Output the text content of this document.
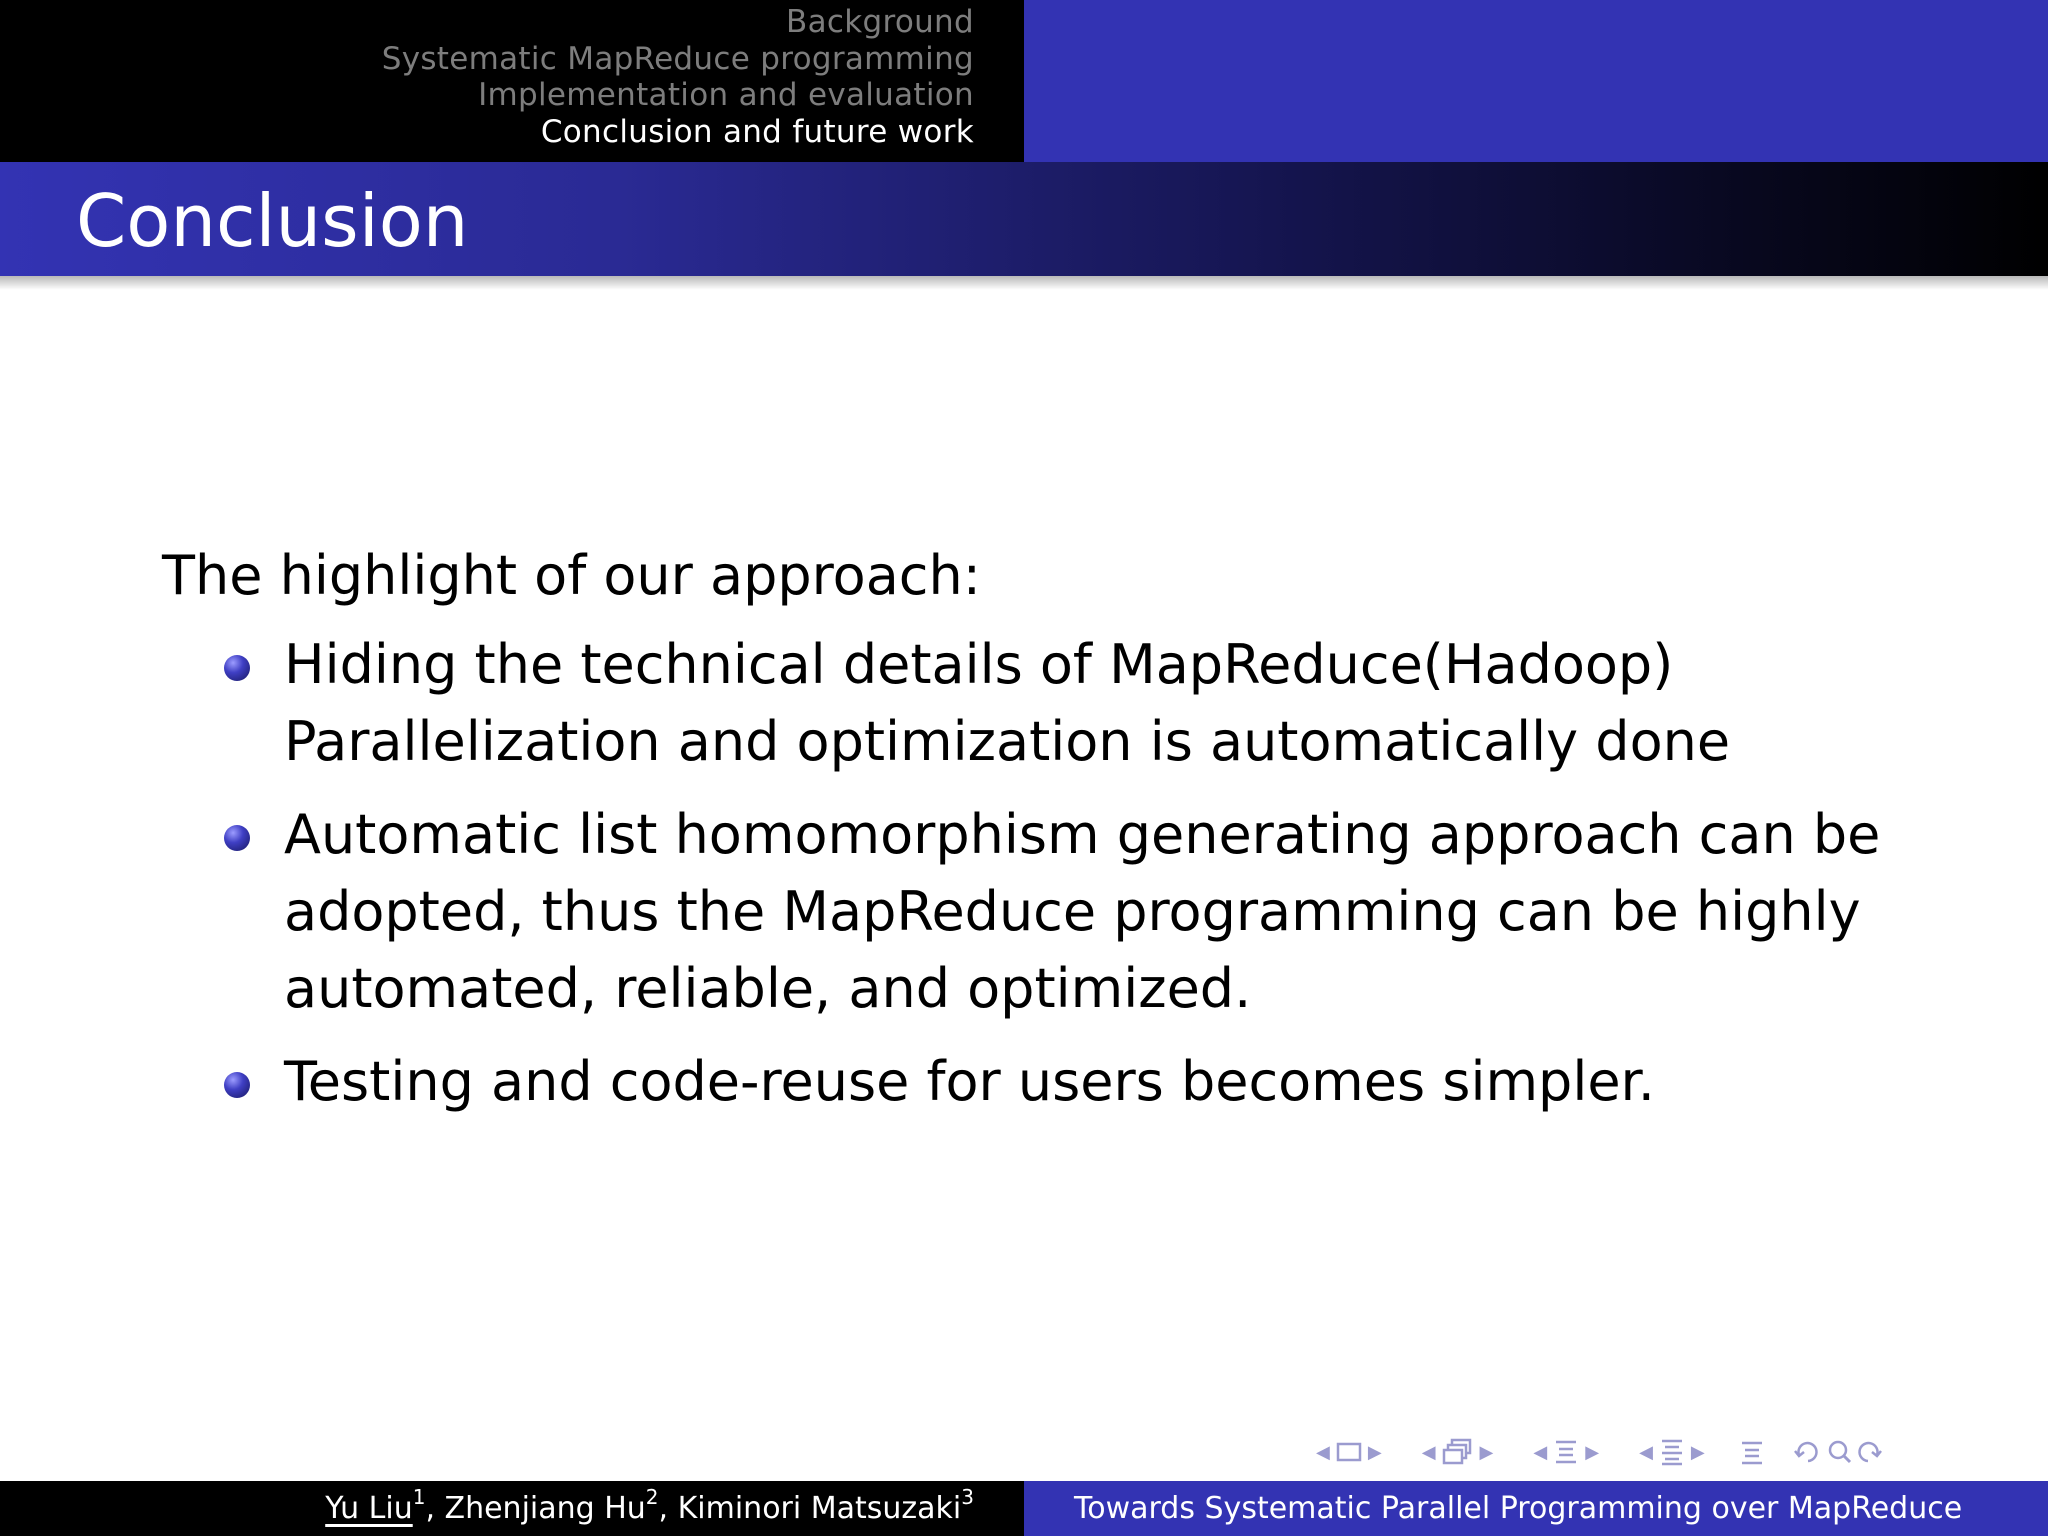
Background
Systematic MapReduce programming
Implementation and evaluation
Conclusion and future work
Conclusion

The highlight of our approach:

Hiding the technical details of MapReduce(Hadoop)
Parallelization and optimization is automatically done
Automatic list homomorphism generating approach can be
adopted, thus the MapReduce programming can be highly
automated, reliable, and optimized.
Testing and code-reuse for users becomes simpler.
◀ ▶ ◀ ▶ ◀ ▶ ◀ ▶
Yu Liu$^1$, Zhenjiang Hu$^2$, Kiminori Matsuzaki$^3$	Towards Systematic Parallel Programming over MapReduce
